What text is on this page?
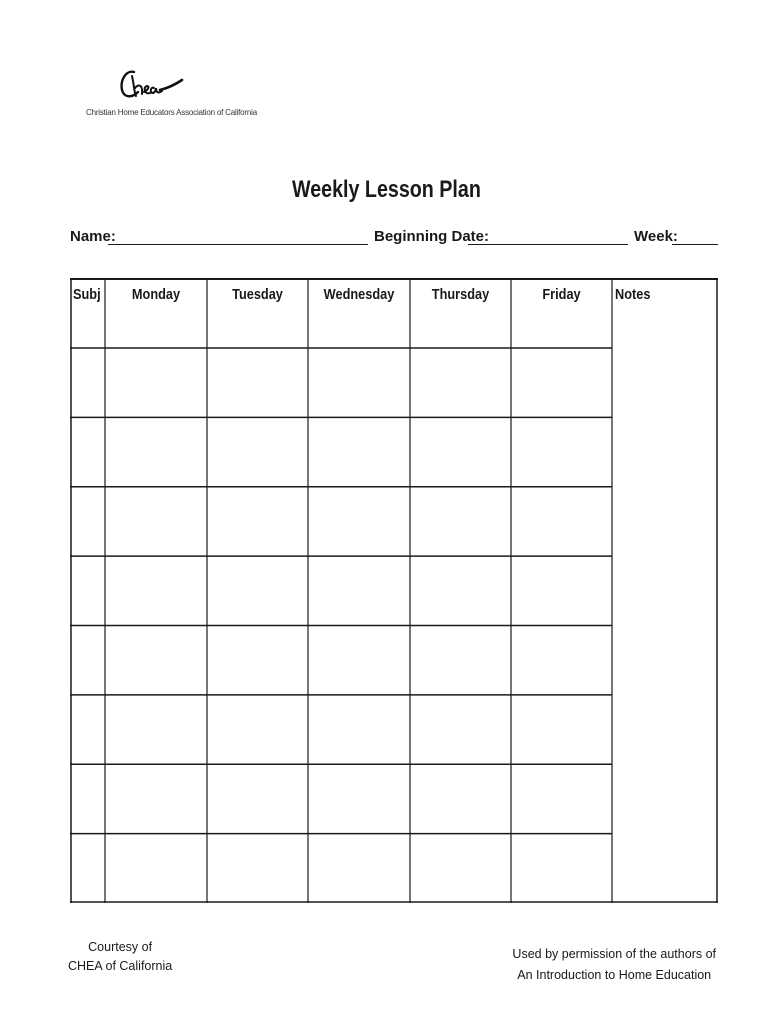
Christian Home Educators Association of California
Weekly Lesson Plan
Name:	Beginning Date:	Week:
Subj	Monday	Tuesday	Wednesday	Thursday	Friday	Notes
Courtesy of
CHEA of California
Used by permission of the authors of
An Introduction to Home Education
